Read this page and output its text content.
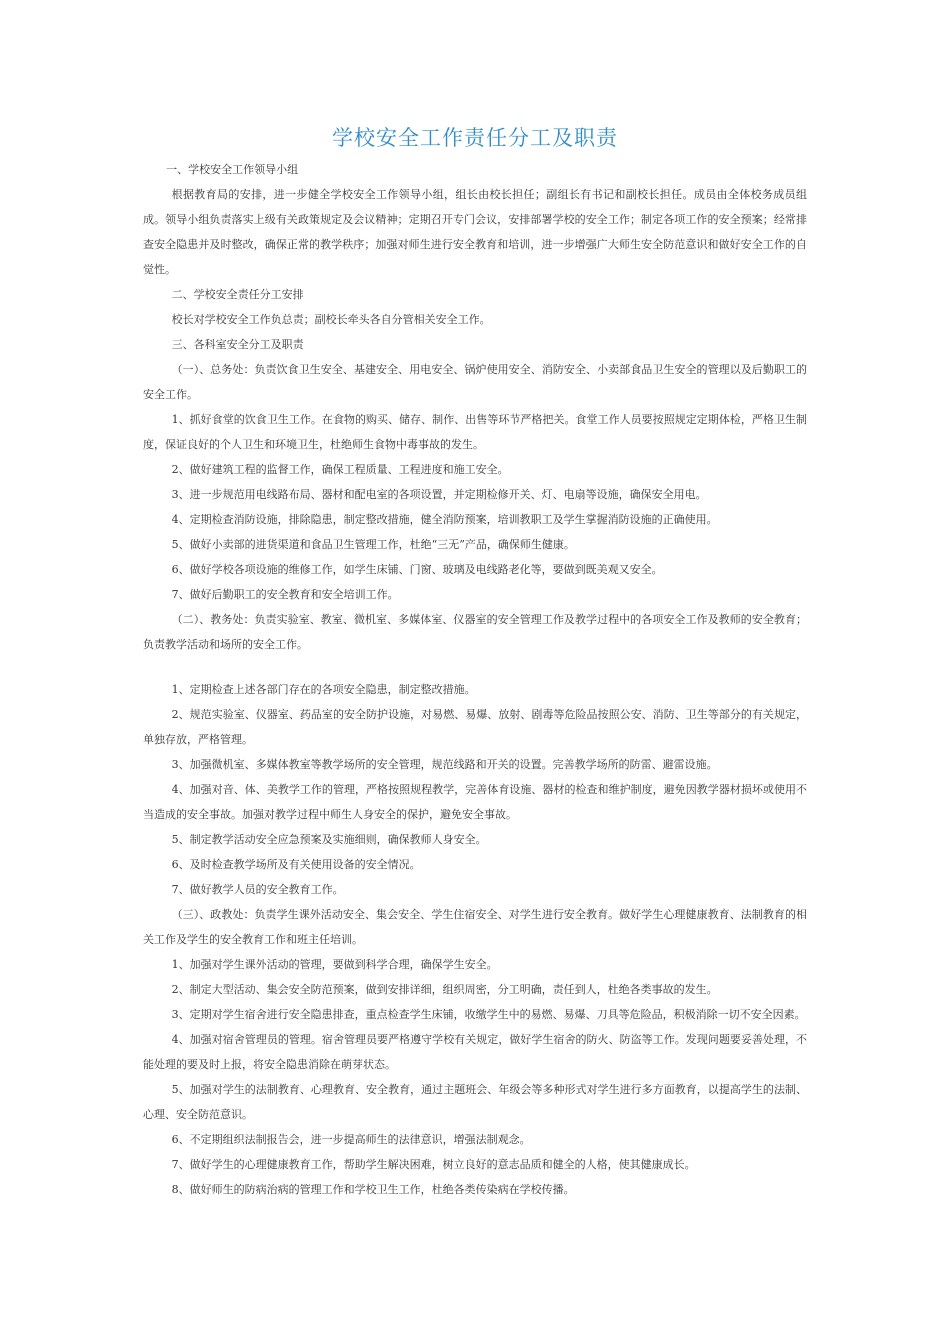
学校安全工作责任分工及职责

一、学校安全工作领导小组

根据教育局的安排，进一步健全学校安全工作领导小组，组长由校长担任；副组长有书记和副校长担任。成员由全体校务成员组成。领导小组负责落实上级有关政策规定及会议精神；定期召开专门会议，安排部署学校的安全工作；制定各项工作的安全预案；经常排查安全隐患并及时整改，确保正常的教学秩序；加强对师生进行安全教育和培训，进一步增强广大师生安全防范意识和做好安全工作的自觉性。

二、学校安全责任分工安排

校长对学校安全工作负总责；副校长牵头各自分管相关安全工作。

三、各科室安全分工及职责

（一）、总务处：负责饮食卫生安全、基建安全、用电安全、锅炉使用安全、消防安全、小卖部食品卫生安全的管理以及后勤职工的安全工作。

1、抓好食堂的饮食卫生工作。在食物的购买、储存、制作、出售等环节严格把关。食堂工作人员要按照规定定期体检，严格卫生制度，保证良好的个人卫生和环境卫生，杜绝师生食物中毒事故的发生。

2、做好建筑工程的监督工作，确保工程质量、工程进度和施工安全。

3、进一步规范用电线路布局、器材和配电室的各项设置，并定期检修开关、灯、电扇等设施，确保安全用电。

4、定期检查消防设施，排除隐患，制定整改措施，健全消防预案，培训教职工及学生掌握消防设施的正确使用。

5、做好小卖部的进货渠道和食品卫生管理工作，杜绝“三无”产品，确保师生健康。

6、做好学校各项设施的维修工作，如学生床铺、门窗、玻璃及电线路老化等，要做到既美观又安全。

7、做好后勤职工的安全教育和安全培训工作。

（二）、教务处：负责实验室、教室、微机室、多媒体室、仪器室的安全管理工作及教学过程中的各项安全工作及教师的安全教育；负责教学活动和场所的安全工作。

1、定期检查上述各部门存在的各项安全隐患，制定整改措施。

2、规范实验室、仪器室、药品室的安全防护设施，对易燃、易爆、放射、剧毒等危险品按照公安、消防、卫生等部分的有关规定，单独存放，严格管理。

3、加强微机室、多媒体教室等教学场所的安全管理，规范线路和开关的设置。完善教学场所的防雷、避雷设施。

4、加强对音、体、美教学工作的管理，严格按照规程教学，完善体育设施、器材的检查和维护制度，避免因教学器材损坏或使用不当造成的安全事故。加强对教学过程中师生人身安全的保护，避免安全事故。

5、制定教学活动安全应急预案及实施细则，确保教师人身安全。

6、及时检查教学场所及有关使用设备的安全情况。

7、做好教学人员的安全教育工作。

（三）、政教处：负责学生课外活动安全、集会安全、学生住宿安全、对学生进行安全教育。做好学生心理健康教育、法制教育的相关工作及学生的安全教育工作和班主任培训。

1、加强对学生课外活动的管理，要做到科学合理，确保学生安全。

2、制定大型活动、集会安全防范预案，做到安排详细，组织周密，分工明确，责任到人，杜绝各类事故的发生。

3、定期对学生宿舍进行安全隐患排查，重点检查学生床铺，收缴学生中的易燃、易爆、刀具等危险品，积极消除一切不安全因素。

4、加强对宿舍管理员的管理。宿舍管理员要严格遵守学校有关规定，做好学生宿舍的防火、防盗等工作。发现问题要妥善处理，不能处理的要及时上报，将安全隐患消除在萌芽状态。

5、加强对学生的法制教育、心理教育、安全教育，通过主题班会、年级会等多种形式对学生进行多方面教育，以提高学生的法制、心理、安全防范意识。

6、不定期组织法制报告会，进一步提高师生的法律意识，增强法制观念。

7、做好学生的心理健康教育工作，帮助学生解决困难，树立良好的意志品质和健全的人格，使其健康成长。

8、做好师生的防病治病的管理工作和学校卫生工作，杜绝各类传染病在学校传播。
